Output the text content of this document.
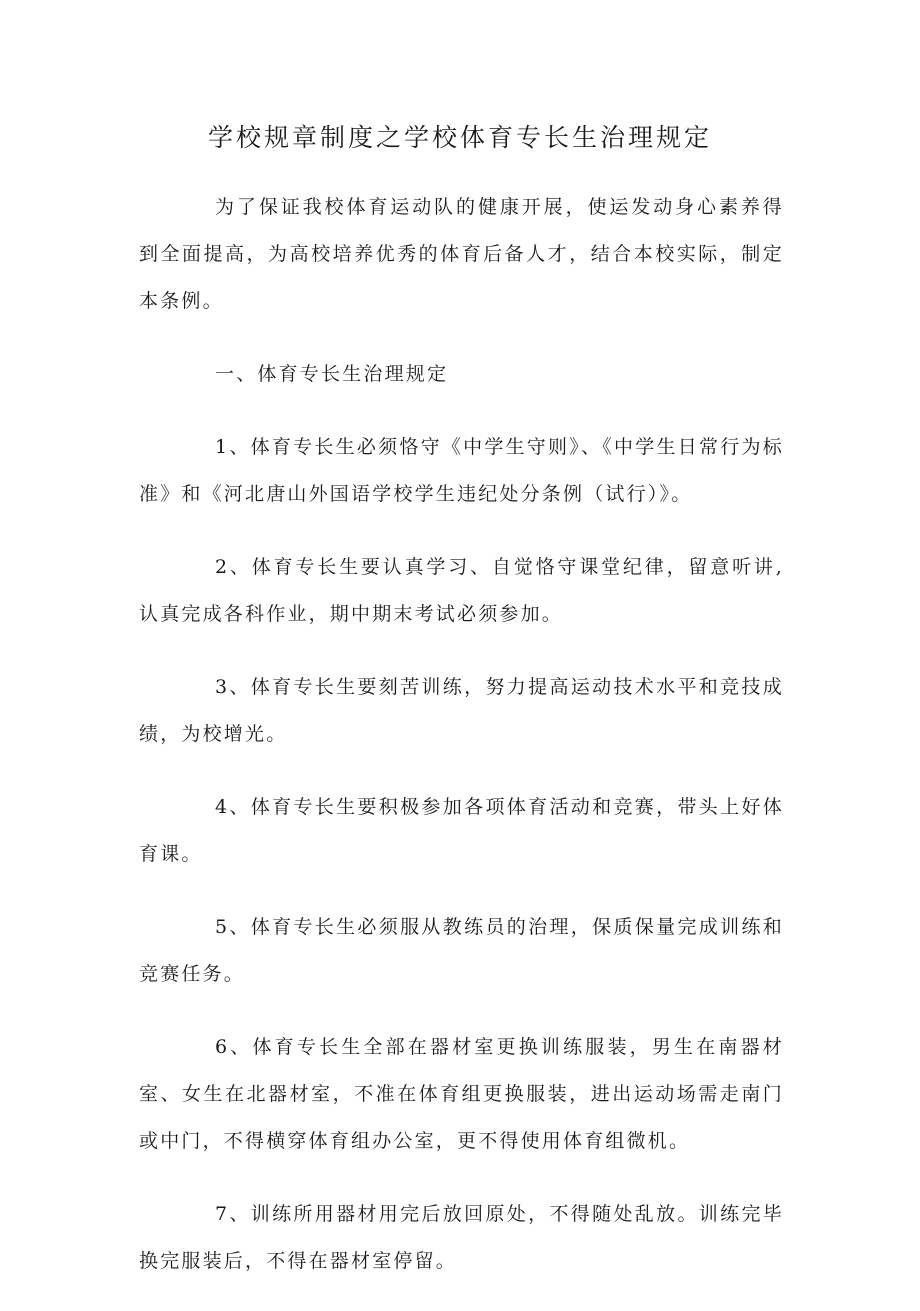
学校规章制度之学校体育专长生治理规定

为了保证我校体育运动队的健康开展，使运发动身心素养得到全面提高，为高校培养优秀的体育后备人才，结合本校实际，制定本条例。

一、体育专长生治理规定

1、体育专长生必须恪守《中学生守则》、《中学生日常行为标准》和《河北唐山外国语学校学生违纪处分条例（试行）》。

2、体育专长生要认真学习、自觉恪守课堂纪律，留意听讲,认真完成各科作业，期中期末考试必须参加。

3、体育专长生要刻苦训练，努力提高运动技术水平和竞技成绩，为校增光。

4、体育专长生要积极参加各项体育活动和竞赛，带头上好体育课。

5、体育专长生必须服从教练员的治理，保质保量完成训练和竞赛任务。

6、体育专长生全部在器材室更换训练服装，男生在南器材室、女生在北器材室，不准在体育组更换服装，进出运动场需走南门或中门，不得横穿体育组办公室，更不得使用体育组微机。

7、训练所用器材用完后放回原处，不得随处乱放。训练完毕换完服装后，不得在器材室停留。
